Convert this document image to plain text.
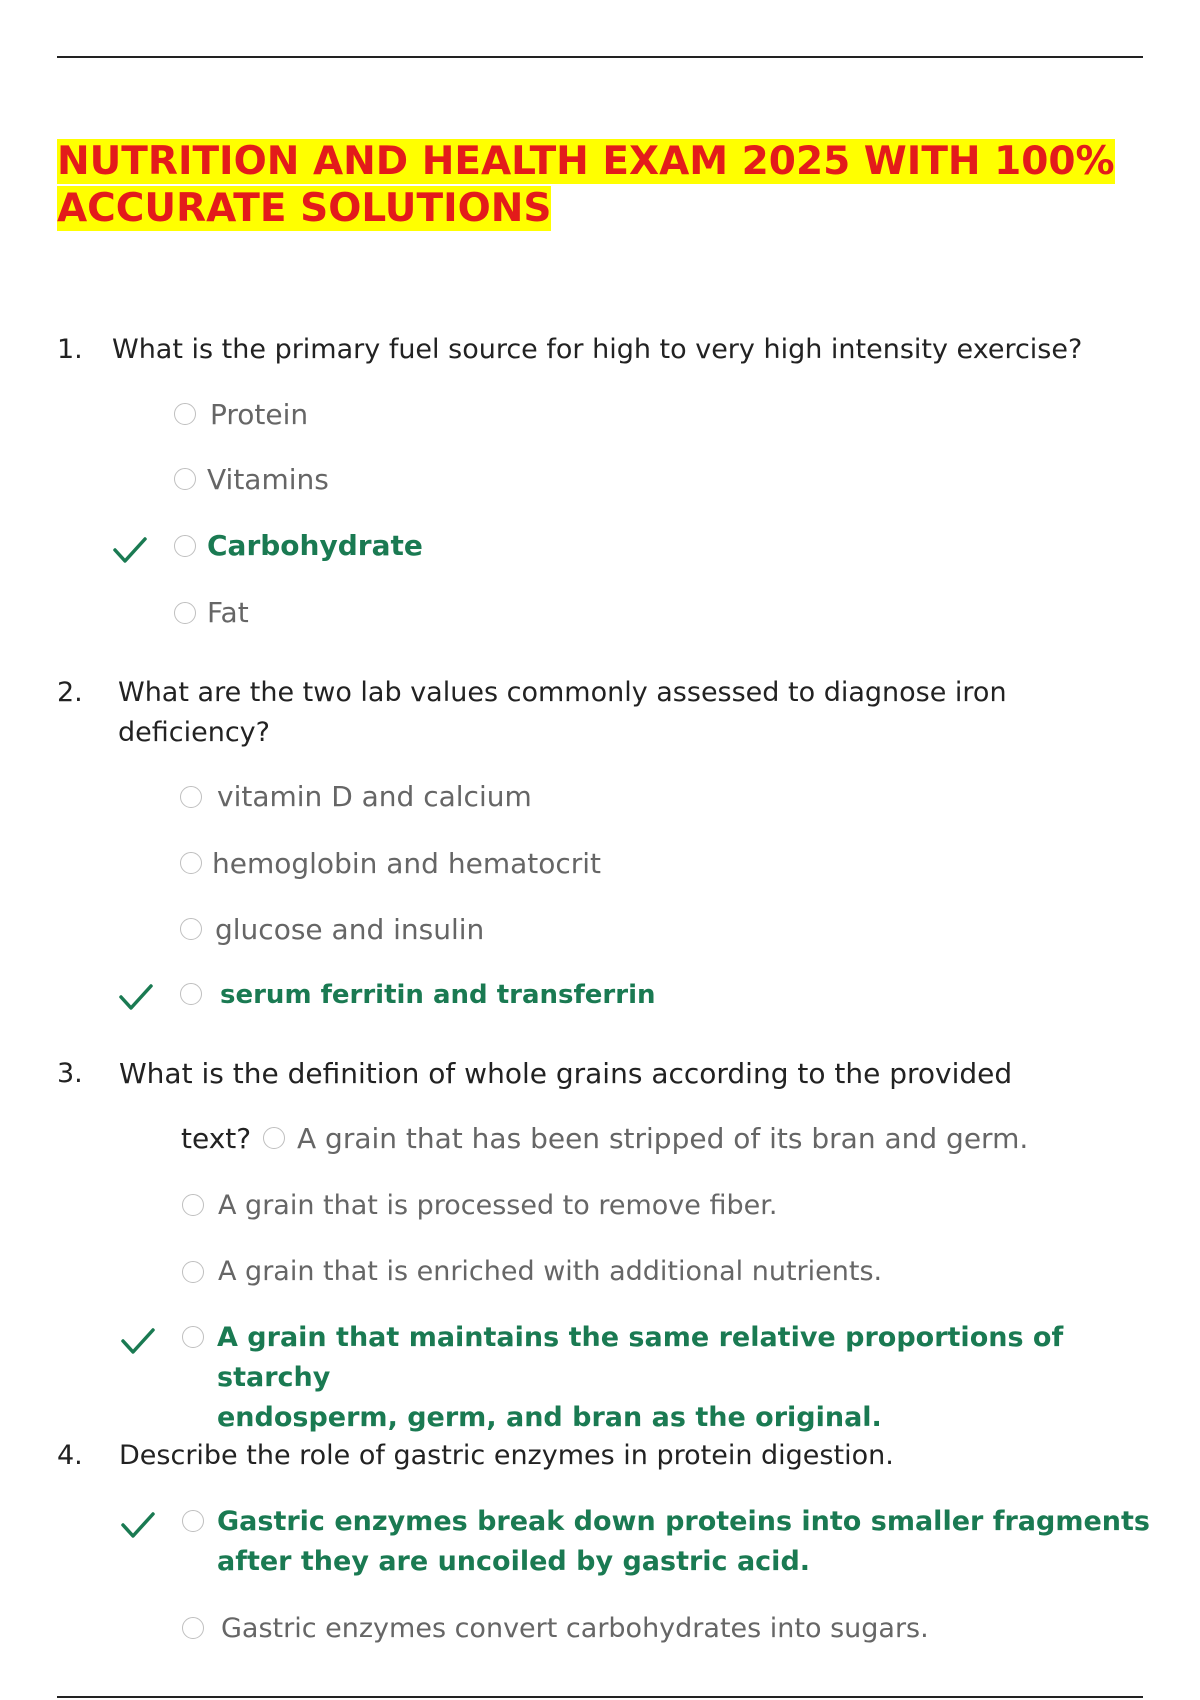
NUTRITION AND HEALTH EXAM 2025 WITH 100% ACCURATE SOLUTIONS
1. What is the primary fuel source for high to very high intensity exercise?
Protein
Vitamins
Carbohydrate
Fat
2. What are the two lab values commonly assessed to diagnose iron
deficiency?
vitamin D and calcium
hemoglobin and hematocrit
glucose and insulin
serum ferritin and transferrin
3. What is the definition of whole grains according to the provided
text? A grain that has been stripped of its bran and germ.
A grain that is processed to remove fiber.
A grain that is enriched with additional nutrients.
A grain that maintains the same relative proportions of starchy
endosperm, germ, and bran as the original.
4. Describe the role of gastric enzymes in protein digestion.
Gastric enzymes break down proteins into smaller fragments
after they are uncoiled by gastric acid.
Gastric enzymes convert carbohydrates into sugars.
